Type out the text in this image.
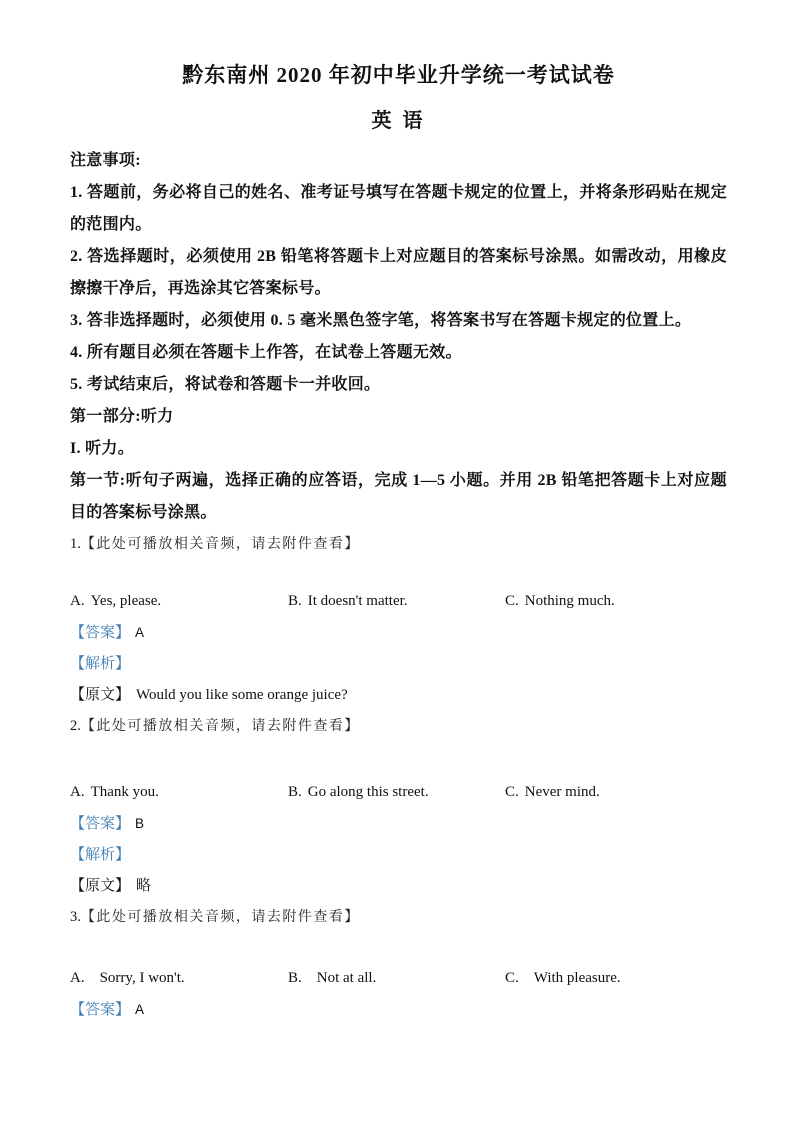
黔东南州 2020 年初中毕业升学统一考试试卷

英 语

注意事项:

1. 答题前，务必将自己的姓名、准考证号填写在答题卡规定的位置上，并将条形码贴在规定的范围内。

2. 答选择题时，必须使用 2B 铅笔将答题卡上对应题目的答案标号涂黑。如需改动，用橡皮擦擦干净后，再选涂其它答案标号。

3. 答非选择题时，必须使用 0. 5 毫米黑色签字笔，将答案书写在答题卡规定的位置上。

4. 所有题目必须在答题卡上作答，在试卷上答题无效。

5. 考试结束后，将试卷和答题卡一并收回。

第一部分:听力

I. 听力。

第一节:听句子两遍，选择正确的应答语，完成 1—5 小题。并用 2B 铅笔把答题卡上对应题目的答案标号涂黑。

1.【此处可播放相关音频，请去附件查看】

A. Yes, please.	B. It doesn't matter.	C. Nothing much.

【答案】 A

【解析】

【原文】 Would you like some orange juice?

2.【此处可播放相关音频，请去附件查看】

A. Thank you.	B. Go along this street.	C. Never mind.

【答案】 B

【解析】

【原文】 略

3.【此处可播放相关音频，请去附件查看】

A. Sorry, I won't.	B. Not at all.	C. With pleasure.

【答案】 A
